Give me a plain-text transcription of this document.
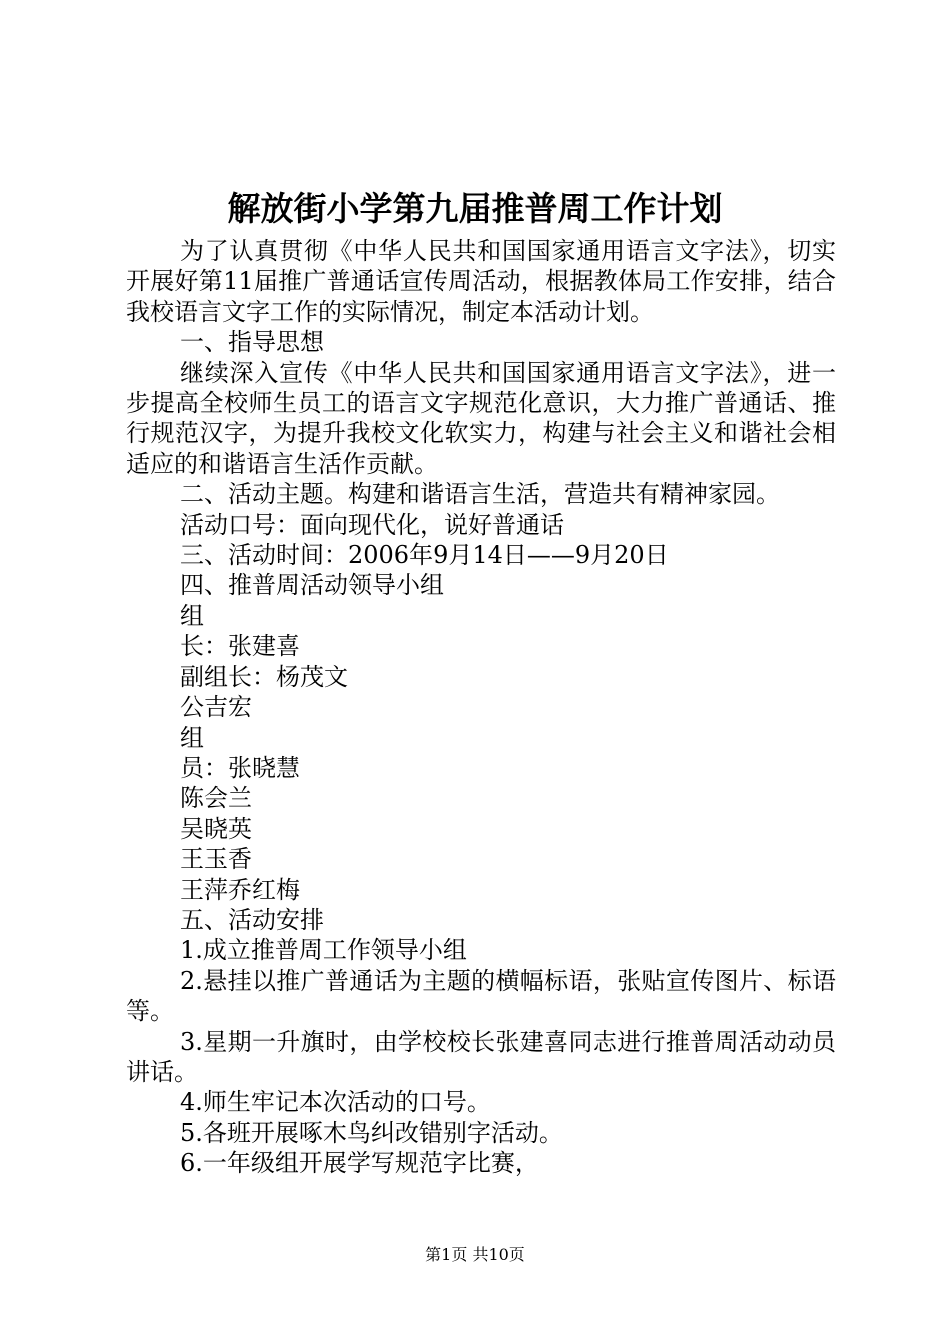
解放街小学第九届推普周工作计划

为了认真贯彻《中华人民共和国国家通用语言文字法》，切实开展好第11届推广普通话宣传周活动，根据教体局工作安排，结合我校语言文字工作的实际情况，制定本活动计划。

一、指导思想

继续深入宣传《中华人民共和国国家通用语言文字法》，进一步提高全校师生员工的语言文字规范化意识，大力推广普通话、推行规范汉字，为提升我校文化软实力，构建与社会主义和谐社会相适应的和谐语言生活作贡献。

二、活动主题。构建和谐语言生活，营造共有精神家园。

活动口号：面向现代化，说好普通话

三、活动时间：2006年9月14日——9月20日

四、推普周活动领导小组

组

长：张建喜

副组长：杨茂文

公吉宏

组

员：张晓慧

陈会兰

吴晓英

王玉香

王萍乔红梅

五、活动安排

1.成立推普周工作领导小组

2.悬挂以推广普通话为主题的横幅标语，张贴宣传图片、标语等。

3.星期一升旗时，由学校校长张建喜同志进行推普周活动动员讲话。

4.师生牢记本次活动的口号。

5.各班开展啄木鸟纠改错别字活动。

6.一年级组开展学写规范字比赛，

第1页 共10页
